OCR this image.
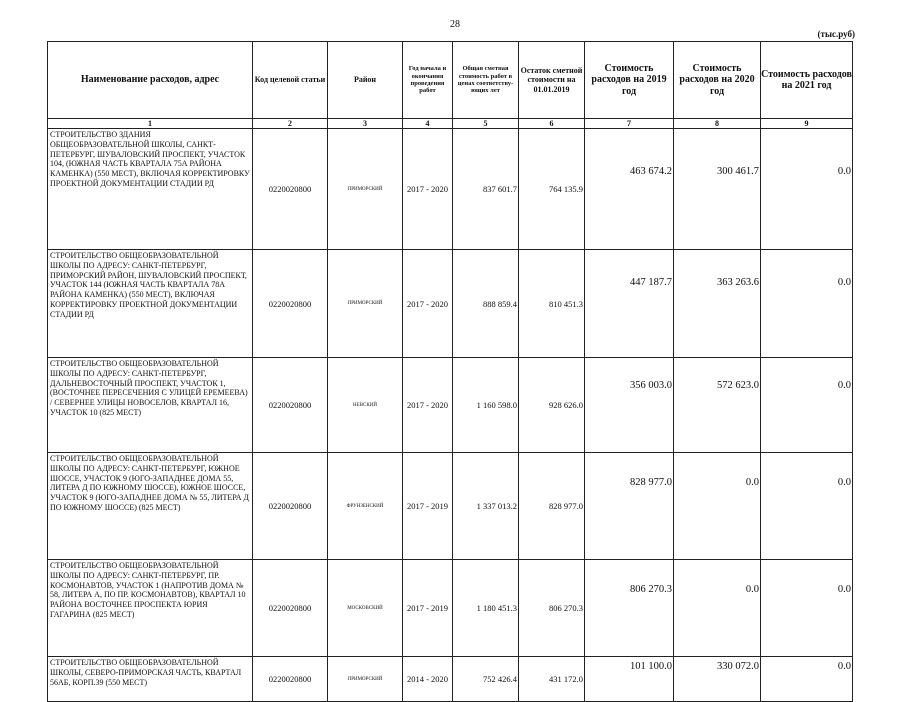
28
(тыс.руб)
Наименование расходов, адрес	Код целевой статьи	Район	Год начала и окончания проведения работ	Общая сметная стоимость работ в ценах соответству-ющих лет	Остаток сметной стоимости на 01.01.2019	Стоимость расходов на 2019 год	Стоимость расходов на 2020 год	Стоимость расходов на 2021 год
1	2	3	4	5	6	7	8	9
СТРОИТЕЛЬСТВО ЗДАНИЯ ОБЩЕОБРАЗОВАТЕЛЬНОЙ ШКОЛЫ, САНКТ-ПЕТЕРБУРГ, ШУВАЛОВСКИЙ ПРОСПЕКТ, УЧАСТОК 104, (ЮЖНАЯ ЧАСТЬ КВАРТАЛА 75А РАЙОНА КАМЕНКА) (550 МЕСТ), ВКЛЮЧАЯ КОРРЕКТИРОВКУ ПРОЕКТНОЙ ДОКУМЕНТАЦИИ СТАДИИ РД	0220020800	ПРИМОРСКИЙ	2017 - 2020	837 601.7	764 135.9	463 674.2	300 461.7	0.0
СТРОИТЕЛЬСТВО ОБЩЕОБРАЗОВАТЕЛЬНОЙ ШКОЛЫ ПО АДРЕСУ: САНКТ-ПЕТЕРБУРГ, ПРИМОРСКИЙ РАЙОН, ШУВАЛОВСКИЙ ПРОСПЕКТ, УЧАСТОК 144 (ЮЖНАЯ ЧАСТЬ КВАРТАЛА 78А РАЙОНА КАМЕНКА) (550 МЕСТ), ВКЛЮЧАЯ КОРРЕКТИРОВКУ ПРОЕКТНОЙ ДОКУМЕНТАЦИИ СТАДИИ РД	0220020800	ПРИМОРСКИЙ	2017 - 2020	888 859.4	810 451.3	447 187.7	363 263.6	0.0
СТРОИТЕЛЬСТВО ОБЩЕОБРАЗОВАТЕЛЬНОЙ ШКОЛЫ ПО АДРЕСУ: САНКТ-ПЕТЕРБУРГ, ДАЛЬНЕВОСТОЧНЫЙ ПРОСПЕКТ, УЧАСТОК 1, (ВОСТОЧНЕЕ ПЕРЕСЕЧЕНИЯ С УЛИЦЕЙ ЕРЕМЕЕВА) / СЕВЕРНЕЕ УЛИЦЫ НОВОСЕЛОВ, КВАРТАЛ 16, УЧАСТОК 10 (825 МЕСТ)	0220020800	НЕВСКИЙ	2017 - 2020	1 160 598.0	928 626.0	356 003.0	572 623.0	0.0
СТРОИТЕЛЬСТВО ОБЩЕОБРАЗОВАТЕЛЬНОЙ ШКОЛЫ ПО АДРЕСУ: САНКТ-ПЕТЕРБУРГ, ЮЖНОЕ ШОССЕ, УЧАСТОК 9 (ЮГО-ЗАПАДНЕЕ ДОМА 55, ЛИТЕРА Д ПО ЮЖНОМУ ШОССЕ), ЮЖНОЕ ШОССЕ, УЧАСТОК 9 (ЮГО-ЗАПАДНЕЕ ДОМА № 55, ЛИТЕРА Д ПО ЮЖНОМУ ШОССЕ) (825 МЕСТ)	0220020800	ФРУНЗЕНСКИЙ	2017 - 2019	1 337 013.2	828 977.0	828 977.0	0.0	0.0
СТРОИТЕЛЬСТВО ОБЩЕОБРАЗОВАТЕЛЬНОЙ ШКОЛЫ ПО АДРЕСУ: САНКТ-ПЕТЕРБУРГ, ПР. КОСМОНАВТОВ, УЧАСТОК 1 (НАПРОТИВ ДОМА № 58, ЛИТЕРА А, ПО ПР. КОСМОНАВТОВ), КВАРТАЛ 10 РАЙОНА ВОСТОЧНЕЕ ПРОСПЕКТА ЮРИЯ ГАГАРИНА (825 МЕСТ)	0220020800	МОСКОВСКИЙ	2017 - 2019	1 180 451.3	806 270.3	806 270.3	0.0	0.0
СТРОИТЕЛЬСТВО ОБЩЕОБРАЗОВАТЕЛЬНОЙ ШКОЛЫ, СЕВЕРО-ПРИМОРСКАЯ ЧАСТЬ, КВАРТАЛ 56АБ, КОРП.39 (550 МЕСТ)	0220020800	ПРИМОРСКИЙ	2014 - 2020	752 426.4	431 172.0	101 100.0	330 072.0	0.0
